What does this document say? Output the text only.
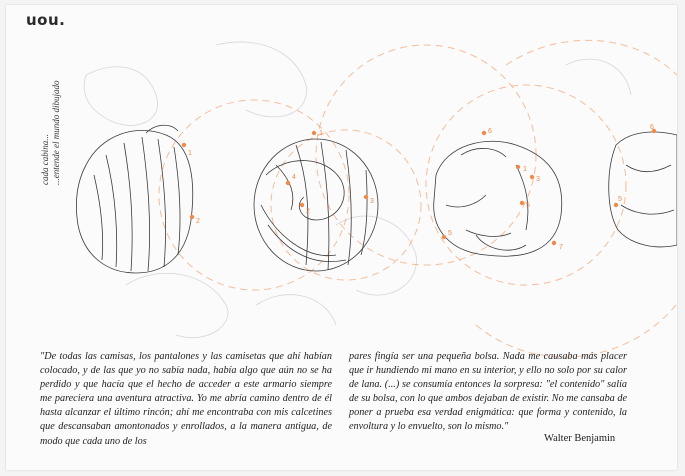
uou.
cada cabina... ...entende el mundo dibujado	1
2
1
2
3
4
5
6
1
3
5
7
6
5
"De todas las camisas, los pantalones y las camisetas que ahí habían colocado, y de las que yo no sabía nada, había algo que aún no se ha perdido y que hacía que el hecho de acceder a este armario siempre me pareciera una aventura atractiva. Yo me abría camino dentro de él hasta alcanzar el último rincón; ahí me encontraba con mis calcetines que descansaban amontonados y enrollados, a la manera antigua, de modo que cada uno de los
pares fingía ser una pequeña bolsa. Nada me causaba más placer que ir hundiendo mi mano en su interior, y ello no solo por su calor de lana. (...) se consumía entonces la sorpresa: "el contenido" salía de su bolsa, con lo que ambos dejaban de existir. No me cansaba de poner a prueba esa verdad enigmática: que forma y contenido, la envoltura y lo envuelto, son lo mismo."
Walter Benjamin
